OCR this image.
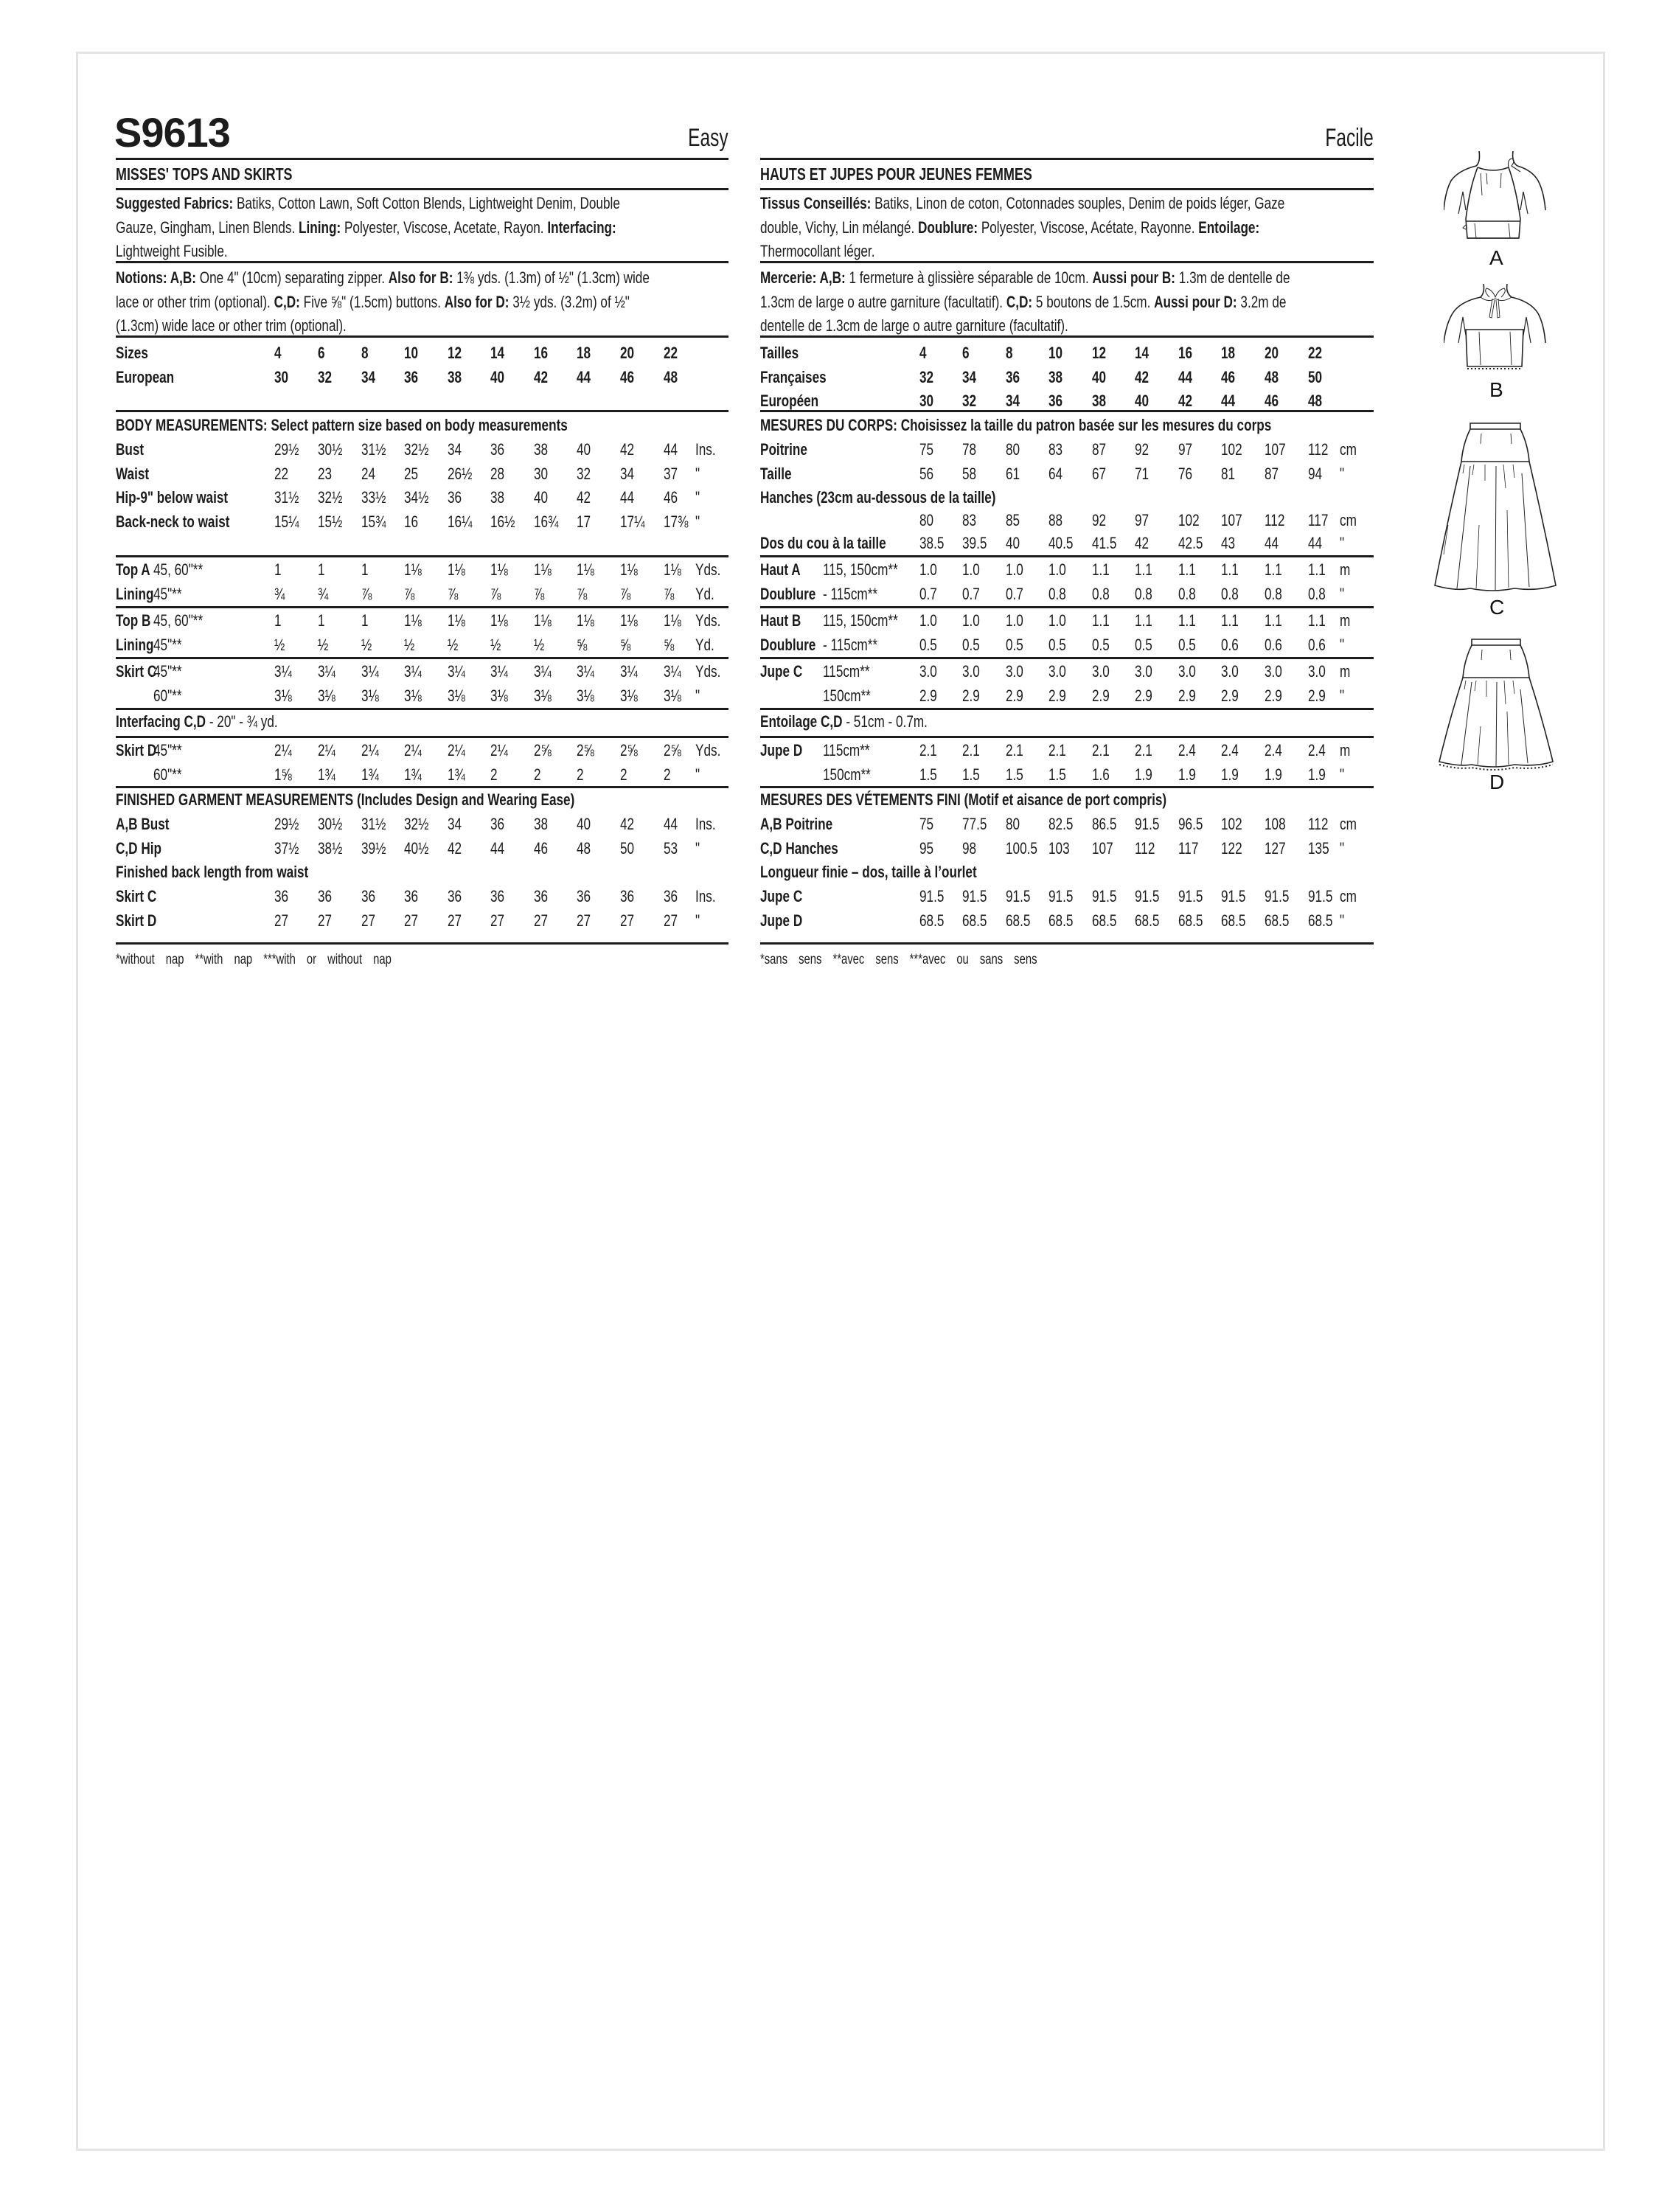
S9613	Easy
MISSES' TOPS AND SKIRTS
Suggested Fabrics: Batiks, Cotton Lawn, Soft Cotton Blends, Lightweight Denim, Double
Gauze, Gingham, Linen Blends. Lining: Polyester, Viscose, Acetate, Rayon. Interfacing:
Lightweight Fusible.
Notions: A,B: One 4" (10cm) separating zipper. Also for B: 1⅜ yds. (1.3m) of ½" (1.3cm) wide
lace or other trim (optional). C,D: Five ⅝" (1.5cm) buttons. Also for D: 3½ yds. (3.2m) of ½"
(1.3cm) wide lace or other trim (optional).
Sizes	4 6 8 10 12 14 16 18 20 22
European	30 32 34 36 38 40 42 44 46 48
BODY MEASUREMENTS: Select pattern size based on body measurements
Bust	29½ 30½ 31½ 32½ 34 36 38 40 42 44 Ins.
Waist	22 23 24 25 26½ 28 30 32 34 37 "
Hip-9" below waist	31½ 32½ 33½ 34½ 36 38 40 42 44 46 "
Back-neck to waist	15¼ 15½ 15¾ 16 16¼ 16½ 16¾ 17 17¼ 17⅜ "
Top A 45, 60"**	1 1 1 1⅛ 1⅛ 1⅛ 1⅛ 1⅛ 1⅛ 1⅛ Yds.
Lining 45"**	¾ ¾ ⅞ ⅞ ⅞ ⅞ ⅞ ⅞ ⅞ ⅞ Yd.
Top B 45, 60"**	1 1 1 1⅛ 1⅛ 1⅛ 1⅛ 1⅛ 1⅛ 1⅛ Yds.
Lining 45"**	½ ½ ½ ½ ½ ½ ½ ⅝ ⅝ ⅝ Yd.
Skirt C
45"**	3¼ 3¼ 3¼ 3¼ 3¼ 3¼ 3¼ 3¼ 3¼ 3¼ Yds.
60"**	3⅛ 3⅛ 3⅛ 3⅛ 3⅛ 3⅛ 3⅛ 3⅛ 3⅛ 3⅛ "
Interfacing C,D - 20" - ¾ yd.
Skirt D
45"**	2¼ 2¼ 2¼ 2¼ 2¼ 2¼ 2⅝ 2⅝ 2⅝ 2⅝ Yds.
60"**	1⅝ 1¾ 1¾ 1¾ 1¾ 2 2 2 2 2 "
FINISHED GARMENT MEASUREMENTS (Includes Design and Wearing Ease)
A,B Bust	29½ 30½ 31½ 32½ 34 36 38 40 42 44 Ins.
C,D Hip	37½ 38½ 39½ 40½ 42 44 46 48 50 53 "
Finished back length from waist
Skirt C	36 36 36 36 36 36 36 36 36 36 Ins.
Skirt D	27 27 27 27 27 27 27 27 27 27 "
*without nap **with nap ***with or without nap
Facile
HAUTS ET JUPES POUR JEUNES FEMMES
Tissus Conseillés: Batiks, Linon de coton, Cotonnades souples, Denim de poids léger, Gaze
double, Vichy, Lin mélangé. Doublure: Polyester, Viscose, Acétate, Rayonne. Entoilage:
Thermocollant léger.
Mercerie: A,B: 1 fermeture à glissière séparable de 10cm. Aussi pour B: 1.3m de dentelle de
1.3cm de large o autre garniture (facultatif). C,D: 5 boutons de 1.5cm. Aussi pour D: 3.2m de
dentelle de 1.3cm de large o autre garniture (facultatif).
Tailles	4 6 8 10 12 14 16 18 20 22
Françaises	32 34 36 38 40 42 44 46 48 50
Européen	30 32 34 36 38 40 42 44 46 48
MESURES DU CORPS: Choisissez la taille du patron basée sur les mesures du corps
Poitrine	75 78 80 83 87 92 97 102 107 112 cm
Taille	56 58 61 64 67 71 76 81 87 94 "
Hanches (23cm au-dessous de la taille)
80 83 85 88 92 97 102 107 112 117 cm
Dos du cou à la taille 38.5 39.5 40 40.5 41.5 42 42.5 43 44 44 "
Haut A 115, 150cm** 1.0 1.0 1.0 1.0 1.1 1.1 1.1 1.1 1.1 1.1 m
Doublure - 115cm**	0.7 0.7 0.7 0.8 0.8 0.8 0.8 0.8 0.8 0.8 "
Haut B 115, 150cm** 1.0 1.0 1.0 1.0 1.1 1.1 1.1 1.1 1.1 1.1 m
Doublure - 115cm**	0.5 0.5 0.5 0.5 0.5 0.5 0.5 0.6 0.6 0.6 "
Jupe C 115cm**	3.0 3.0 3.0 3.0 3.0 3.0 3.0 3.0 3.0 3.0 m
150cm**	2.9 2.9 2.9 2.9 2.9 2.9 2.9 2.9 2.9 2.9 "
Entoilage C,D - 51cm - 0.7m.
Jupe D 115cm**	2.1 2.1 2.1 2.1 2.1 2.1 2.4 2.4 2.4 2.4 m
150cm**	1.5 1.5 1.5 1.5 1.6 1.9 1.9 1.9 1.9 1.9 "
MESURES DES VÉTEMENTS FINI (Motif et aisance de port compris)
A,B Poitrine	75 77.5 80 82.5 86.5 91.5 96.5 102 108 112 cm
C,D Hanches	95 98 100.5 103 107 112 117 122 127 135 "
Longueur finie – dos, taille à l’ourlet
Jupe C	91.5 91.5 91.5 91.5 91.5 91.5 91.5 91.5 91.5 91.5 cm
Jupe D	68.5 68.5 68.5 68.5 68.5 68.5 68.5 68.5 68.5 68.5 "
*sans sens **avec sens ***avec ou sans sens
A
B
C
D
